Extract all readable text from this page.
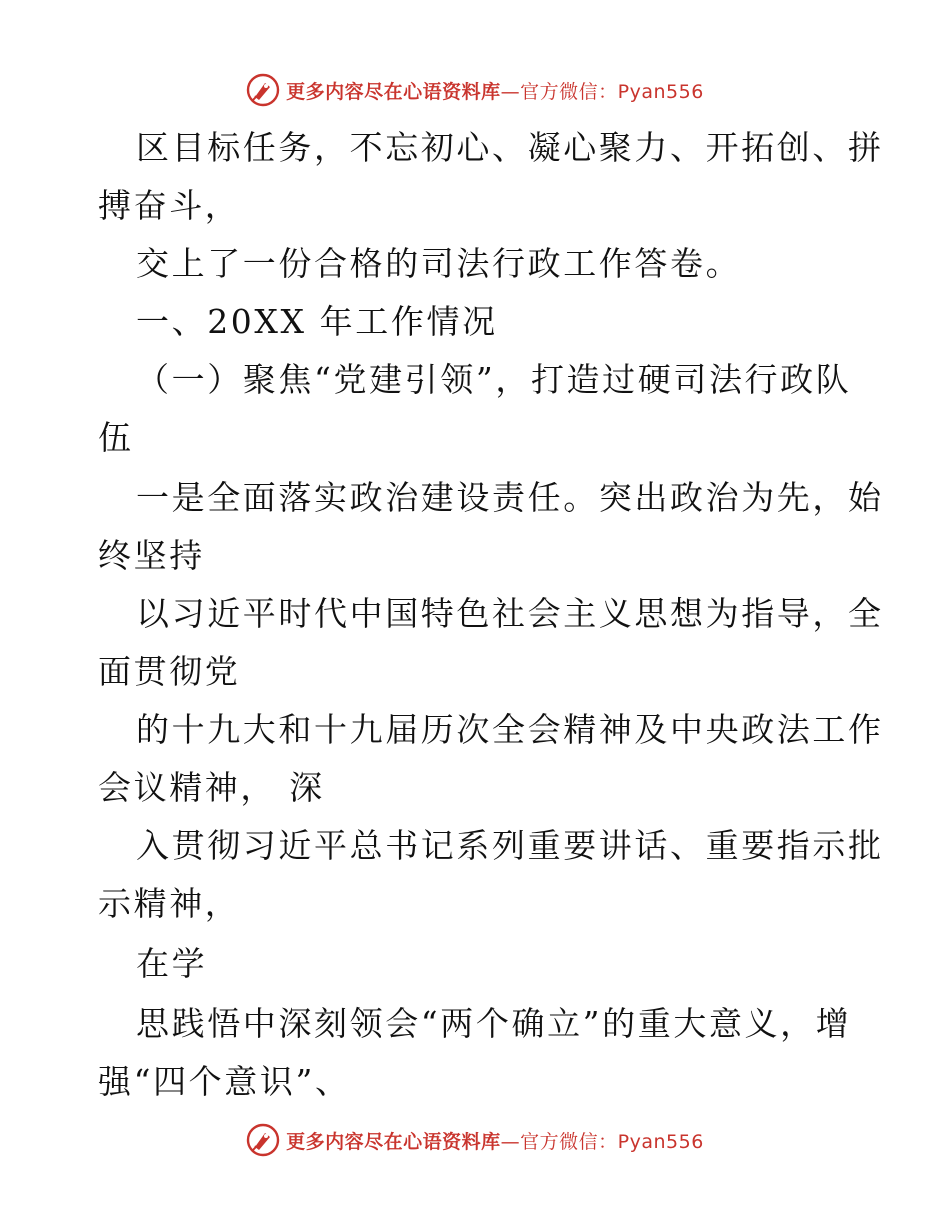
更多内容尽在心语资料库—官方微信：Pyan556
区目标任务，不忘初心、凝心聚力、开拓创、拼
搏奋斗，
交上了一份合格的司法行政工作答卷。
一、20XX 年工作情况
（一）聚焦“党建引领”，打造过硬司法行政队
伍
一是全面落实政治建设责任。突出政治为先，始
终坚持
以习近平时代中国特色社会主义思想为指导，全
面贯彻党
的十九大和十九届历次全会精神及中央政法工作
会议精神， 深
入贯彻习近平总书记系列重要讲话、重要指示批
示精神，
在学
思践悟中深刻领会“两个确立”的重大意义，增
强“四个意识”、
更多内容尽在心语资料库—官方微信：Pyan556
